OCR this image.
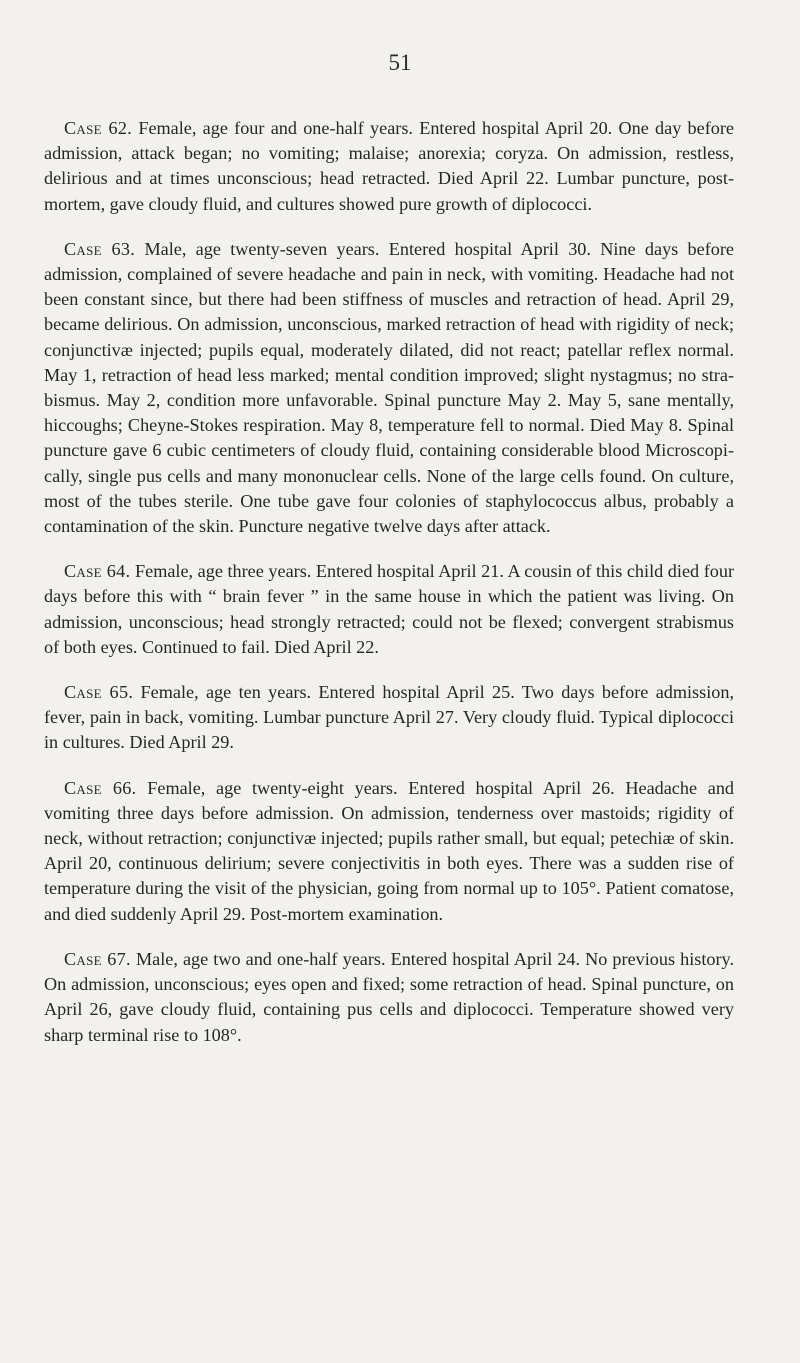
51

Case 62. Female, age four and one-half years. Entered hospital April 20. One day before admission, attack began; no vomiting; malaise; anorexia; coryza. On admission, restless, delirious and at times unconscious; head retracted. Died April 22. Lumbar puncture, postmortem, gave cloudy fluid, and cultures showed pure growth of diplococci.

Case 63. Male, age twenty-seven years. Entered hospital April 30. Nine days before admission, complained of severe headache and pain in neck, with vomiting. Headache had not been constant since, but there had been stiffness of muscles and retraction of head. April 29, became delirious. On admission, unconscious, marked retraction of head with rigidity of neck; conjunctivæ injected; pupils equal, moderately dilated, did not react; patellar reflex normal. May 1, retraction of head less marked; mental condition improved; slight nystagmus; no strabismus. May 2, condition more unfavorable. Spinal puncture May 2. May 5, sane mentally, hiccoughs; Cheyne-Stokes respiration. May 8, temperature fell to normal. Died May 8. Spinal puncture gave 6 cubic centimeters of cloudy fluid, containing considerable blood Microscopically, single pus cells and many mononuclear cells. None of the large cells found. On culture, most of the tubes sterile. One tube gave four colonies of staphylococcus albus, probably a contamination of the skin. Puncture negative twelve days after attack.

Case 64. Female, age three years. Entered hospital April 21. A cousin of this child died four days before this with “ brain fever ” in the same house in which the patient was living. On admission, unconscious; head strongly retracted; could not be flexed; convergent strabismus of both eyes. Continued to fail. Died April 22.

Case 65. Female, age ten years. Entered hospital April 25. Two days before admission, fever, pain in back, vomiting. Lumbar puncture April 27. Very cloudy fluid. Typical diplococci in cultures. Died April 29.

Case 66. Female, age twenty-eight years. Entered hospital April 26. Headache and vomiting three days before admission. On admission, tenderness over mastoids; rigidity of neck, without retraction; conjunctivæ injected; pupils rather small, but equal; petechiæ of skin. April 20, continuous delirium; severe conjectivitis in both eyes. There was a sudden rise of temperature during the visit of the physician, going from normal up to 105°. Patient comatose, and died suddenly April 29. Post-mortem examination.

Case 67. Male, age two and one-half years. Entered hospital April 24. No previous history. On admission, unconscious; eyes open and fixed; some retraction of head. Spinal puncture, on April 26, gave cloudy fluid, containing pus cells and diplococci. Temperature showed very sharp terminal rise to 108°.
